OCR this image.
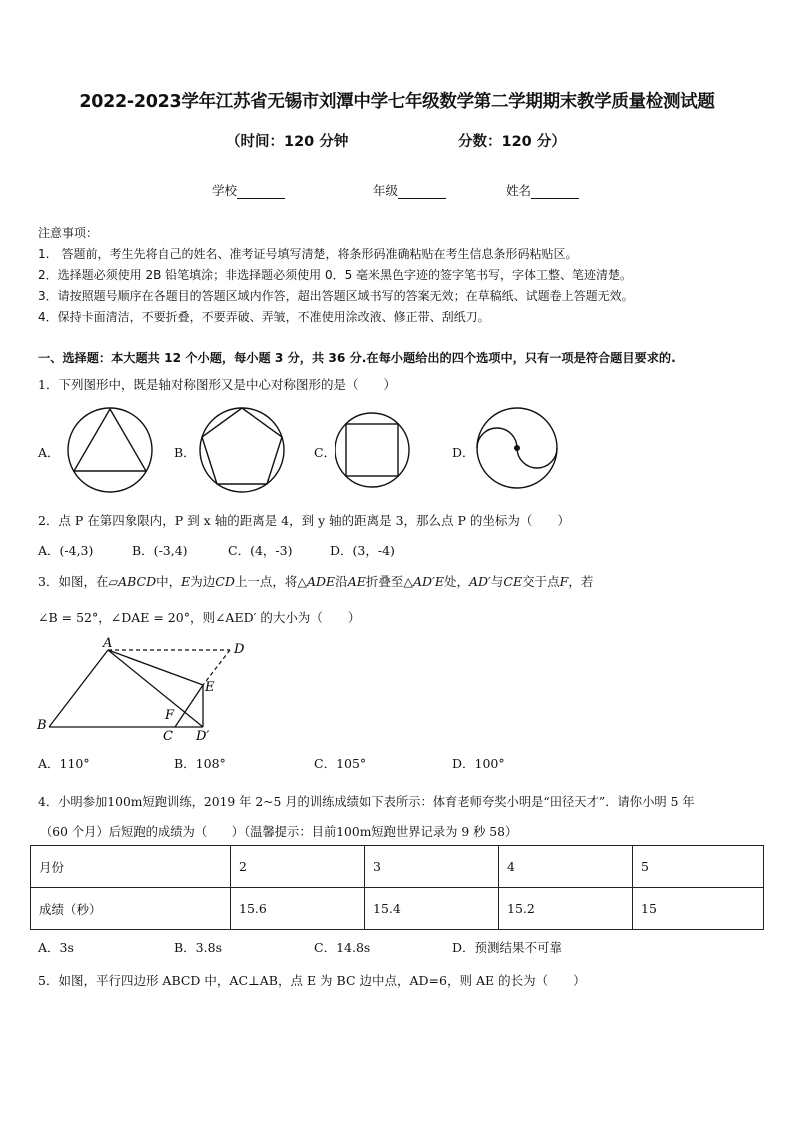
2022-2023学年江苏省无锡市刘潭中学七年级数学第二学期期末教学质量检测试题
（时间：120 分钟	分数：120 分）
学校	年级	姓名
注意事项：
1.　答题前，考生先将自己的姓名、准考证号填写清楚，将条形码准确粘贴在考生信息条形码粘贴区。
2．选择题必须使用 2B 铅笔填涂；非选择题必须使用 0．5 毫米黑色字迹的签字笔书写，字体工整、笔迹清楚。
3．请按照题号顺序在各题目的答题区域内作答，超出答题区域书写的答案无效；在草稿纸、试题卷上答题无效。
4．保持卡面清洁，不要折叠，不要弄破、弄皱，不准使用涂改液、修正带、刮纸刀。
一、选择题：本大题共 12 个小题，每小题 3 分，共 36 分.在每小题给出的四个选项中，只有一项是符合题目要求的.
1．下列图形中，既是轴对称图形又是中心对称图形的是（　　）
A．	B．	C．	D．
2．点 P 在第四象限内，P 到 x 轴的距离是 4，到 y 轴的距离是 3，那么点 P 的坐标为（　　）
A．(-4,3)	B．(-3,4)	C．(4，-3)	D．(3，-4)
3．如图，在▱ABCD中，E为边CD上一点，将△ADE沿AE折叠至△AD′E处，AD′与CE交于点F，若
∠B = 52°，∠DAE = 20°，则∠AED′ 的大小为（　　）
A	D
E
F
B
C D′
A．110°	B．108°	C．105°	D．100°
4．小明参加100m短跑训练，2019 年 2~5 月的训练成绩如下表所示：体育老师夸奖小明是“田径天才”．请你小明 5 年
（60 个月）后短跑的成绩为（　　）（温馨提示：目前100m短跑世界记录为 9 秒 58）
月份	2	3	4	5
成绩（秒）	15.6	15.4	15.2	15
A．3s	B．3.8s	C．14.8s	D．预测结果不可靠
5．如图，平行四边形 ABCD 中，AC⊥AB，点 E 为 BC 边中点，AD=6，则 AE 的长为（　　）
